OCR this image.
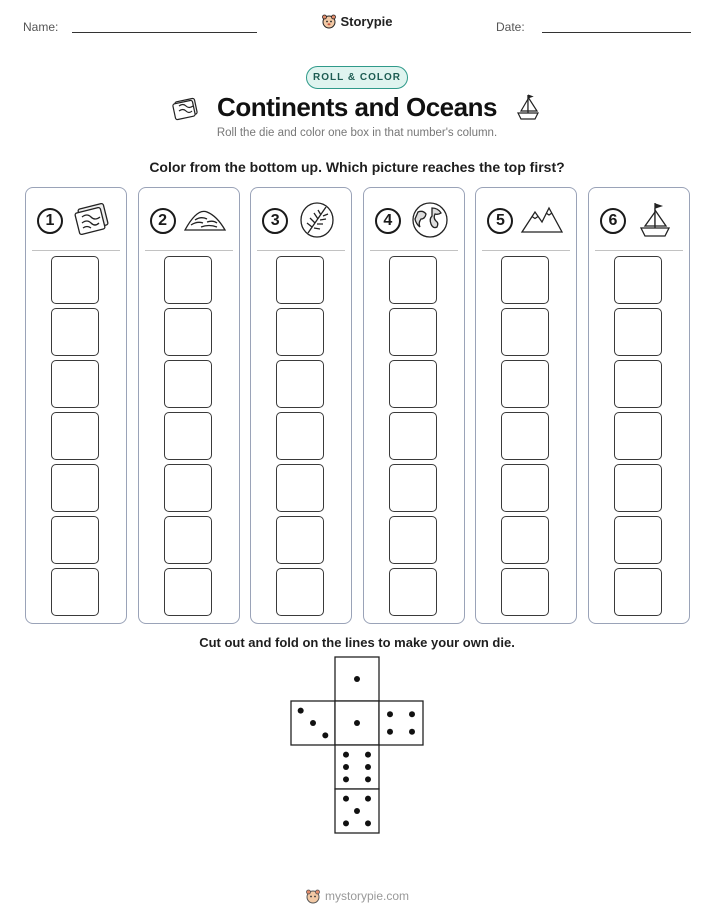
Name:	Storypie	Date:
ROLL & COLOR
Continents and Oceans
Roll the die and color one box in that number's column.
Color from the bottom up. Which picture reaches the top first?
1	2	3	4	5	6
Cut out and fold on the lines to make your own die.
mystorypie.com
